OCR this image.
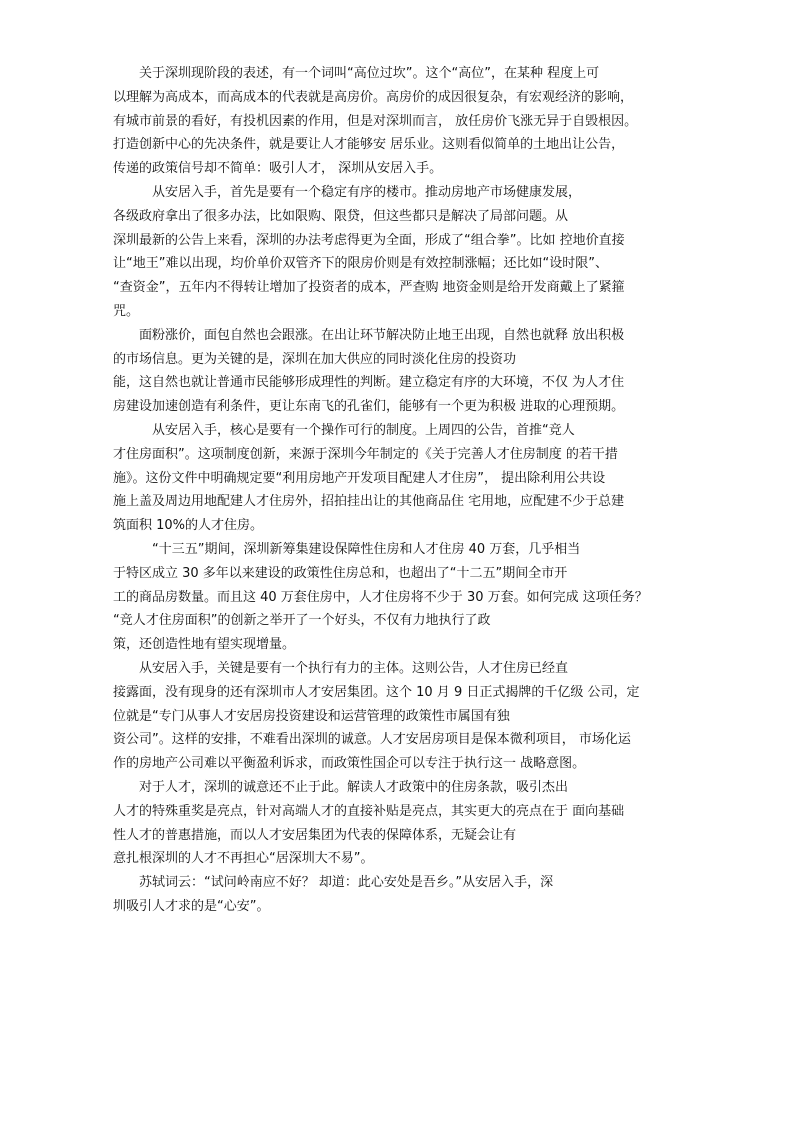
　　关于深圳现阶段的表述，有一个词叫“高位过坎”。这个“高位”，在某种 程度上可
以理解为高成本，而高成本的代表就是高房价。高房价的成因很复杂，有宏观经济的影响，
有城市前景的看好，有投机因素的作用，但是对深圳而言， 放任房价飞涨无异于自毁根因。
打造创新中心的先决条件，就是要让人才能够安 居乐业。这则看似简单的土地出让公告，
传递的政策信号却不简单：吸引人才， 深圳从安居入手。
　　　从安居入手，首先是要有一个稳定有序的楼市。推动房地产市场健康发展，
各级政府拿出了很多办法，比如限购、限贷，但这些都只是解决了局部问题。从
深圳最新的公告上来看，深圳的办法考虑得更为全面，形成了“组合拳”。比如 控地价直接
让“地王”难以出现，均价单价双管齐下的限房价则是有效控制涨幅；还比如“设时限”、
“查资金”，五年内不得转让增加了投资者的成本，严查购 地资金则是给开发商戴上了紧箍
咒。
　　面粉涨价，面包自然也会跟涨。在出让环节解决防止地王出现，自然也就释 放出积极
的市场信息。更为关键的是，深圳在加大供应的同时淡化住房的投资功
能，这自然也就让普通市民能够形成理性的判断。建立稳定有序的大环境，不仅 为人才住
房建设加速创造有利条件，更让东南飞的孔雀们，能够有一个更为积极 进取的心理预期。
　　　从安居入手，核心是要有一个操作可行的制度。上周四的公告，首推“竞人
才住房面积”。这项制度创新，来源于深圳今年制定的《关于完善人才住房制度 的若干措
施》。这份文件中明确规定要“利用房地产开发项目配建人才住房”， 提出除利用公共设
施上盖及周边用地配建人才住房外，招拍挂出让的其他商品住 宅用地，应配建不少于总建
筑面积 10%的人才住房。
　　　“十三五”期间，深圳新筹集建设保障性住房和人才住房 40 万套，几乎相当
于特区成立 30 多年以来建设的政策性住房总和，也超出了“十二五”期间全市开
工的商品房数量。而且这 40 万套住房中，人才住房将不少于 30 万套。如何完成 这项任务？
“竞人才住房面积”的创新之举开了一个好头，不仅有力地执行了政
策，还创造性地有望实现增量。
　　从安居入手，关键是要有一个执行有力的主体。这则公告，人才住房已经直
接露面，没有现身的还有深圳市人才安居集团。这个 10 月 9 日正式揭牌的千亿级 公司，定
位就是“专门从事人才安居房投资建设和运营管理的政策性市属国有独
资公司”。这样的安排，不难看出深圳的诚意。人才安居房项目是保本微利项目， 市场化运
作的房地产公司难以平衡盈利诉求，而政策性国企可以专注于执行这一 战略意图。
　　对于人才，深圳的诚意还不止于此。解读人才政策中的住房条款，吸引杰出
人才的特殊重奖是亮点，针对高端人才的直接补贴是亮点，其实更大的亮点在于 面向基础
性人才的普惠措施，而以人才安居集团为代表的保障体系，无疑会让有
意扎根深圳的人才不再担心“居深圳大不易”。
　　苏轼词云：“试问岭南应不好？ 却道：此心安处是吾乡。”从安居入手，深
圳吸引人才求的是“心安”。
